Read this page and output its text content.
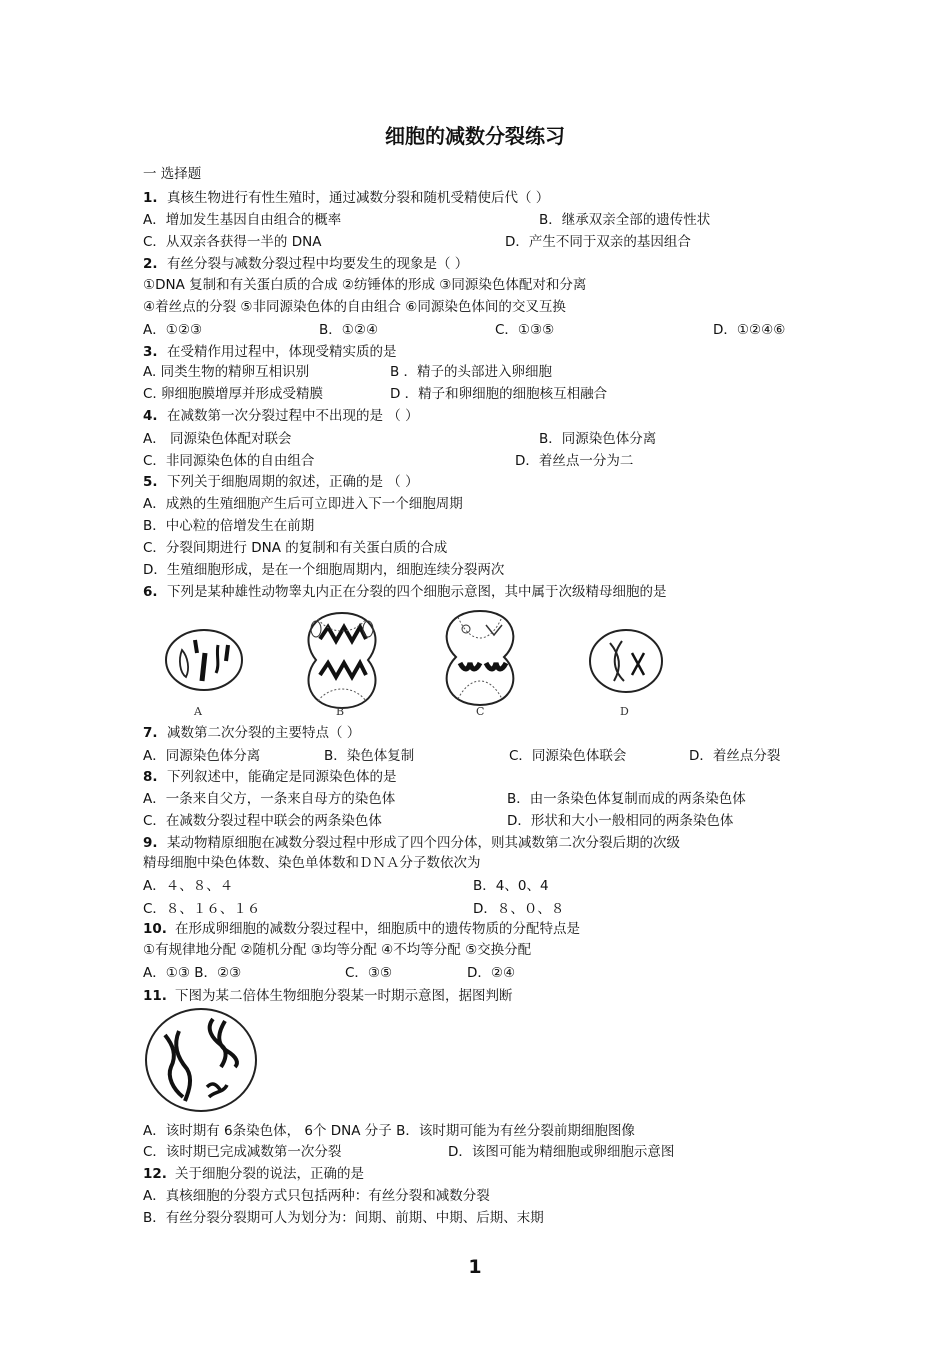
细胞的减数分裂练习
一 选择题
1. 真核生物进行有性生殖时，通过减数分裂和随机受精使后代（ ）
A．增加发生基因自由组合的概率	B．继承双亲全部的遗传性状
C．从双亲各获得一半的 DNA	D．产生不同于双亲的基因组合
2. 有丝分裂与减数分裂过程中均要发生的现象是（ ）
①DNA 复制和有关蛋白质的合成 ②纺锤体的形成 ③同源染色体配对和分离
④着丝点的分裂 ⑤非同源染色体的自由组合 ⑥同源染色体间的交叉互换
A．①②③	B．①②④	C．①③⑤	D．①②④⑥
3. 在受精作用过程中，体现受精实质的是
A. 同类生物的精卵互相识别	B ．精子的头部进入卵细胞
C. 卵细胞膜增厚并形成受精膜	D ．精子和卵细胞的细胞核互相融合
4. 在减数第一次分裂过程中不出现的是 （ ）
A． 同源染色体配对联会	B．同源染色体分离
C．非同源染色体的自由组合	D．着丝点一分为二
5. 下列关于细胞周期的叙述，正确的是 （ ）
A．成熟的生殖细胞产生后可立即进入下一个细胞周期
B．中心粒的倍增发生在前期
C．分裂间期进行 DNA 的复制和有关蛋白质的合成
D．生殖细胞形成，是在一个细胞周期内，细胞连续分裂两次
6. 下列是某种雄性动物睾丸内正在分裂的四个细胞示意图，其中属于次级精母细胞的是
7. 减数第二次分裂的主要特点（ ）
A．同源染色体分离	B．染色体复制	C．同源染色体联会	D．着丝点分裂
8. 下列叙述中，能确定是同源染色体的是
A．一条来自父方，一条来自母方的染色体	B．由一条染色体复制而成的两条染色体
C．在减数分裂过程中联会的两条染色体	D．形状和大小一般相同的两条染色体
9. 某动物精原细胞在减数分裂过程中形成了四个四分体，则其减数第二次分裂后期的次级
精母细胞中染色体数、染色单体数和ＤＮＡ分子数依次为
A．４、８、４	B．4、0、4
C．８、１６、１６	D．８、０、８
10. 在形成卵细胞的减数分裂过程中，细胞质中的遗传物质的分配特点是
①有规律地分配 ②随机分配 ③均等分配 ④不均等分配 ⑤交换分配
A．①③ B．②③	C．③⑤	D．②④
11. 下图为某二倍体生物细胞分裂某一时期示意图，据图判断
A．该时期有 6条染色体， 6个 DNA 分子 B．该时期可能为有丝分裂前期细胞图像
C．该时期已完成减数第一次分裂	D．该图可能为精细胞或卵细胞示意图
12. 关于细胞分裂的说法，正确的是
A．真核细胞的分裂方式只包括两种：有丝分裂和减数分裂
B．有丝分裂分裂期可人为划分为：间期、前期、中期、后期、末期
A	B	C	D
1
